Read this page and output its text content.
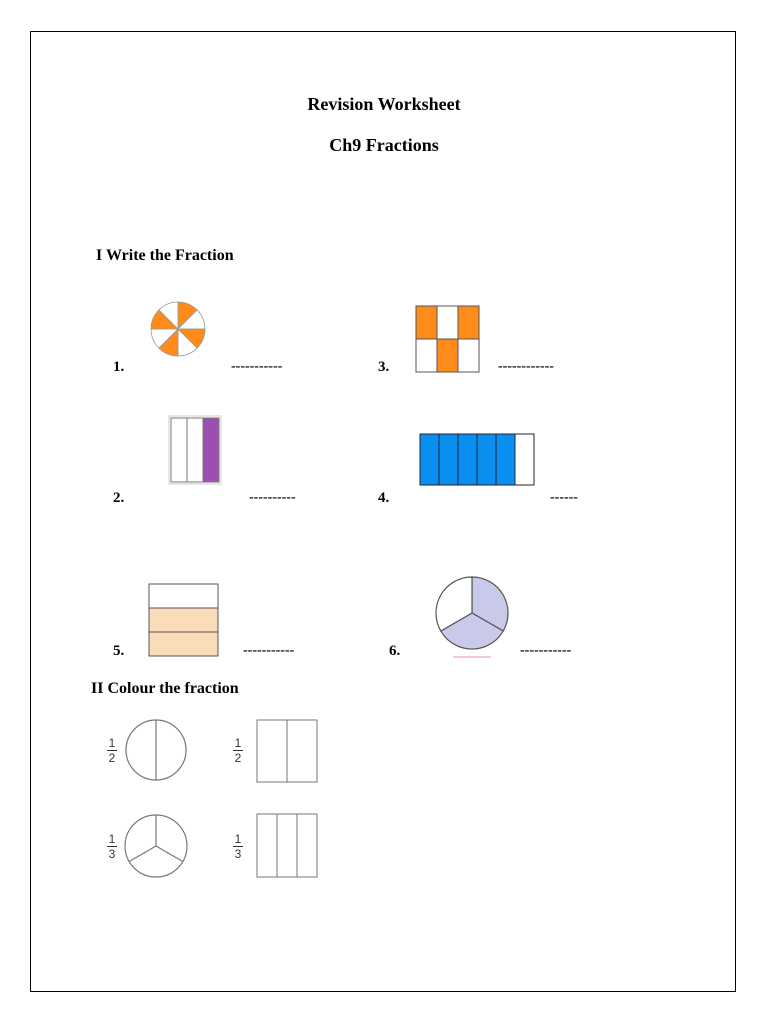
Revision Worksheet
Ch9 Fractions
I Write the Fraction
1.	-----------	3.	------------
2.	----------	4.	------
5.	-----------	6.	-----------
II Colour the fraction
1
2
1
2
1
3
1
3
